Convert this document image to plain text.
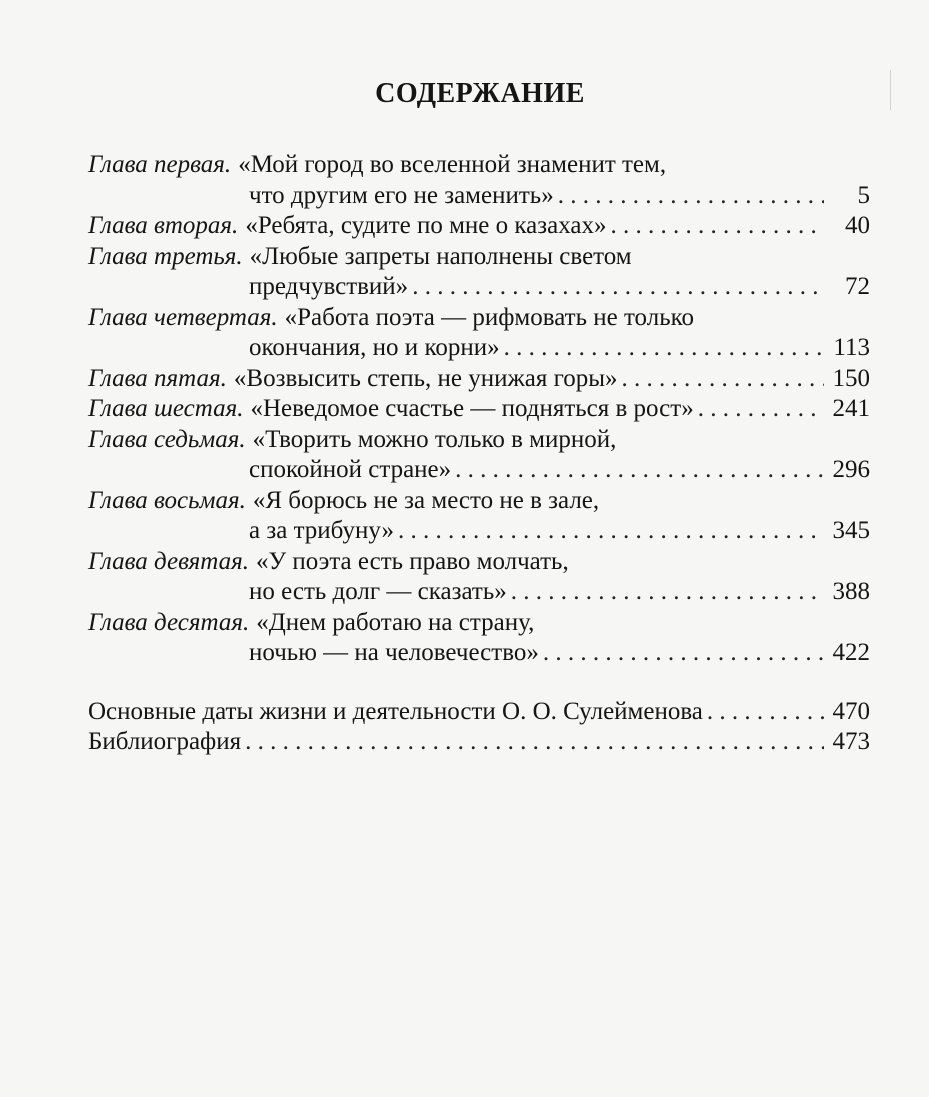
СОДЕРЖАНИЕ
Глава первая. «Мой город во вселенной знаменит тем,
что другим его не заменить» . . .	5
Глава вторая. «Ребята, судите по мне о казахах» . . .	40
Глава третья. «Любые запреты наполнены светом
предчувствий» . . .	72
Глава четвертая. «Работа поэта — рифмовать не только
окончания, но и корни» . . .	113
Глава пятая. «Возвысить степь, не унижая горы» . . .	150
Глава шестая. «Неведомое счастье — подняться в рост» . . .	241
Глава седьмая. «Творить можно только в мирной,
спокойной стране» . . .	296
Глава восьмая. «Я борюсь не за место не в зале,
а за трибуну» . . .	345
Глава девятая. «У поэта есть право молчать,
но есть долг — сказать» . . .	388
Глава десятая. «Днем работаю на страну,
ночью — на человечество» . . .	422
Основные даты жизни и деятельности О. О. Сулейменова . . .	470
Библиография . . .	473
